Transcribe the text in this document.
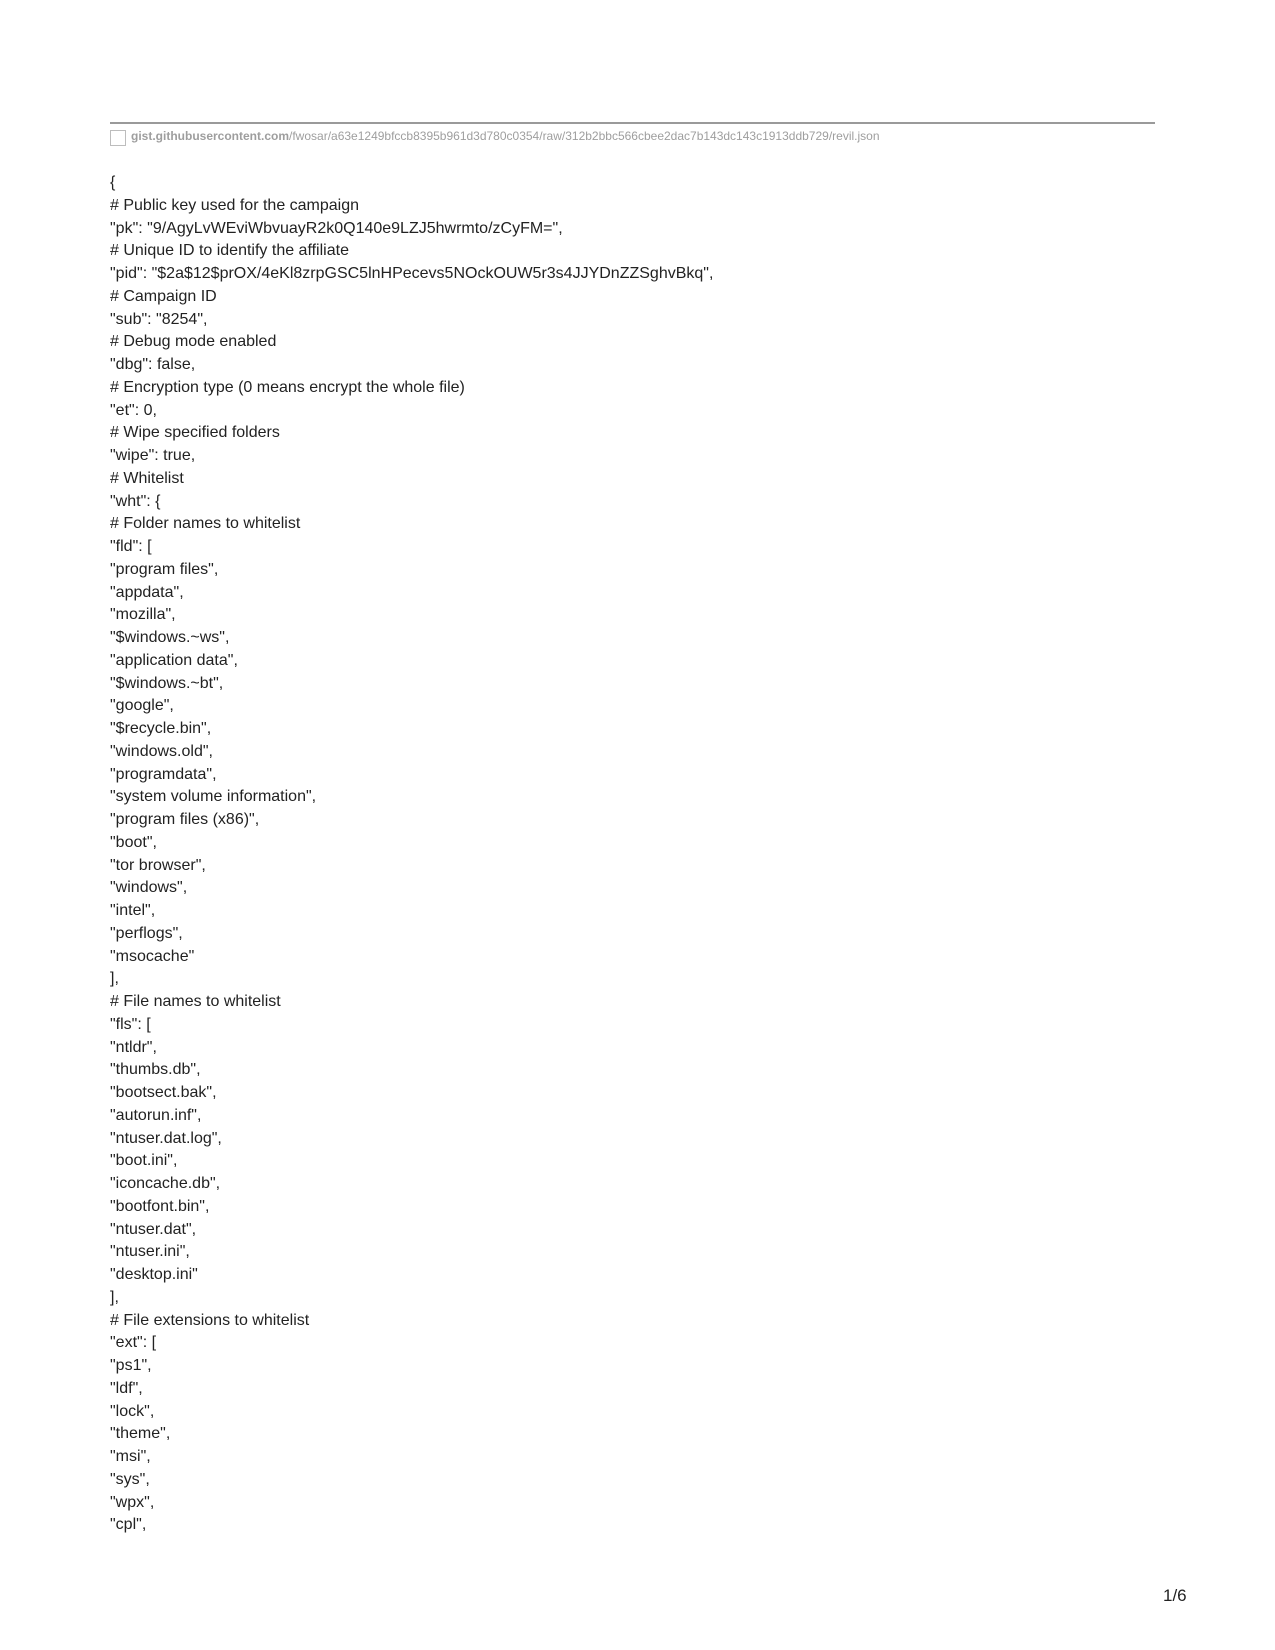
gist.githubusercontent.com/fwosar/a63e1249bfccb8395b961d3d780c0354/raw/312b2bbc566cbee2dac7b143dc143c1913ddb729/revil.json
{
# Public key used for the campaign
"pk": "9/AgyLvWEviWbvuayR2k0Q140e9LZJ5hwrmto/zCyFM=",
# Unique ID to identify the affiliate
"pid": "$2a$12$prOX/4eKl8zrpGSC5lnHPecevs5NOckOUW5r3s4JJYDnZZSghvBkq",
# Campaign ID
"sub": "8254",
# Debug mode enabled
"dbg": false,
# Encryption type (0 means encrypt the whole file)
"et": 0,
# Wipe specified folders
"wipe": true,
# Whitelist
"wht": {
# Folder names to whitelist
"fld": [
"program files",
"appdata",
"mozilla",
"$windows.~ws",
"application data",
"$windows.~bt",
"google",
"$recycle.bin",
"windows.old",
"programdata",
"system volume information",
"program files (x86)",
"boot",
"tor browser",
"windows",
"intel",
"perflogs",
"msocache"
],
# File names to whitelist
"fls": [
"ntldr",
"thumbs.db",
"bootsect.bak",
"autorun.inf",
"ntuser.dat.log",
"boot.ini",
"iconcache.db",
"bootfont.bin",
"ntuser.dat",
"ntuser.ini",
"desktop.ini"
],
# File extensions to whitelist
"ext": [
"ps1",
"ldf",
"lock",
"theme",
"msi",
"sys",
"wpx",
"cpl",
1/6
